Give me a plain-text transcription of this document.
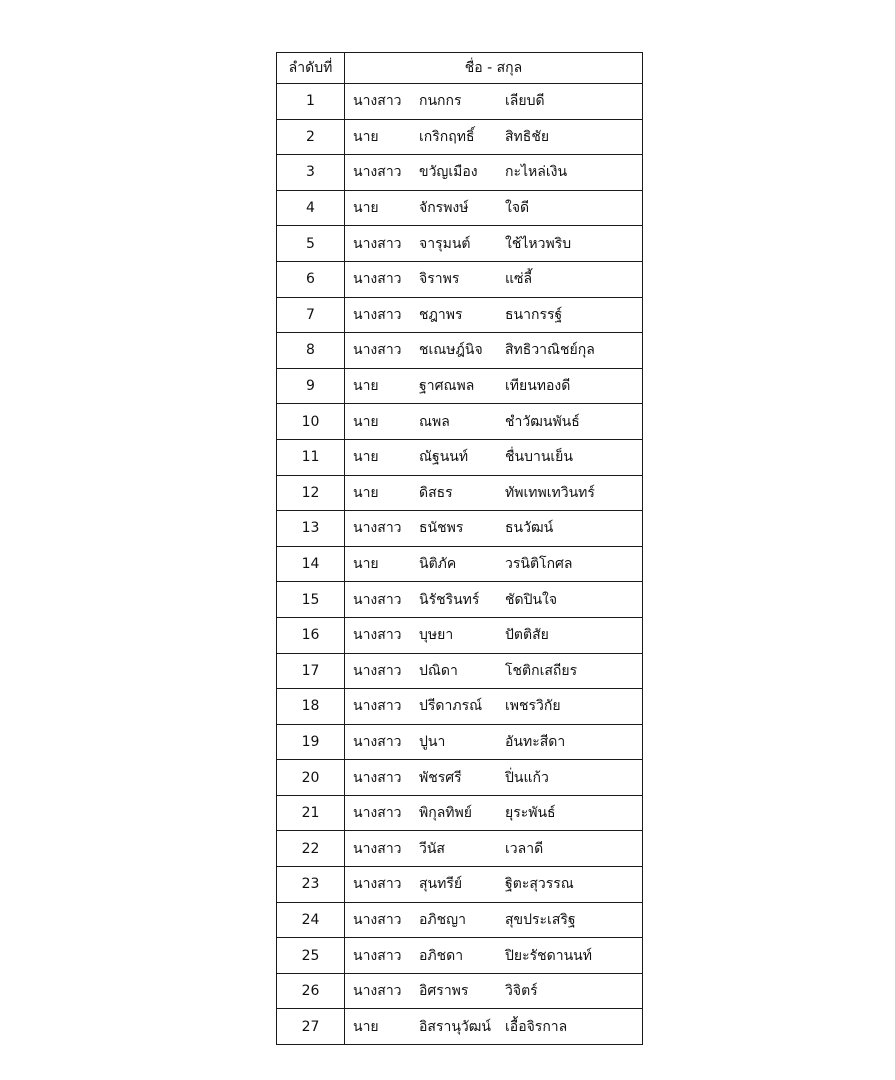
ลำดับที่	ชื่อ - สกุล
1	นางสาว กนกกร เลียบดี
2	นาย เกริกฤทธิ์ สิทธิชัย
3	นางสาว ขวัญเมือง กะไหล่เงิน
4	นาย จักรพงษ์ ใจดี
5	นางสาว จารุมนต์ ใช้ไหวพริบ
6	นางสาว จิราพร แซ่ลี้
7	นางสาว ชฎาพร ธนากรรฐ์
8	นางสาว ชเณษฎ์นิจ สิทธิวาณิชย์กุล
9	นาย ฐาศณพล เทียนทองดี
10	นาย ณพล ชำวัฒนพันธ์
11	นาย ณัฐนนท์ ชื่นบานเย็น
12	นาย ดิสธร ทัพเทพเทวินทร์
13	นางสาว ธนัชพร ธนวัฒน์
14	นาย นิติภัค วรนิติโกศล
15	นางสาว นิรัชรินทร์ ชัดปินใจ
16	นางสาว บุษยา ปัตติสัย
17	นางสาว ปณิดา โชติกเสถียร
18	นางสาว ปรีดาภรณ์ เพชรวิกัย
19	นางสาว ปูนา อันทะสีดา
20	นางสาว พัชรศรี ปิ่นแก้ว
21	นางสาว พิกุลทิพย์ ยุระพันธ์
22	นางสาว วีนัส เวลาดี
23	นางสาว สุนทรีย์ ฐิตะสุวรรณ
24	นางสาว อภิชญา สุขประเสริฐ
25	นางสาว อภิชดา ปิยะรัชดานนท์
26	นางสาว อิศราพร วิจิตร์
27	นาย อิสรานุวัฒน์ เอื้อจิรกาล
